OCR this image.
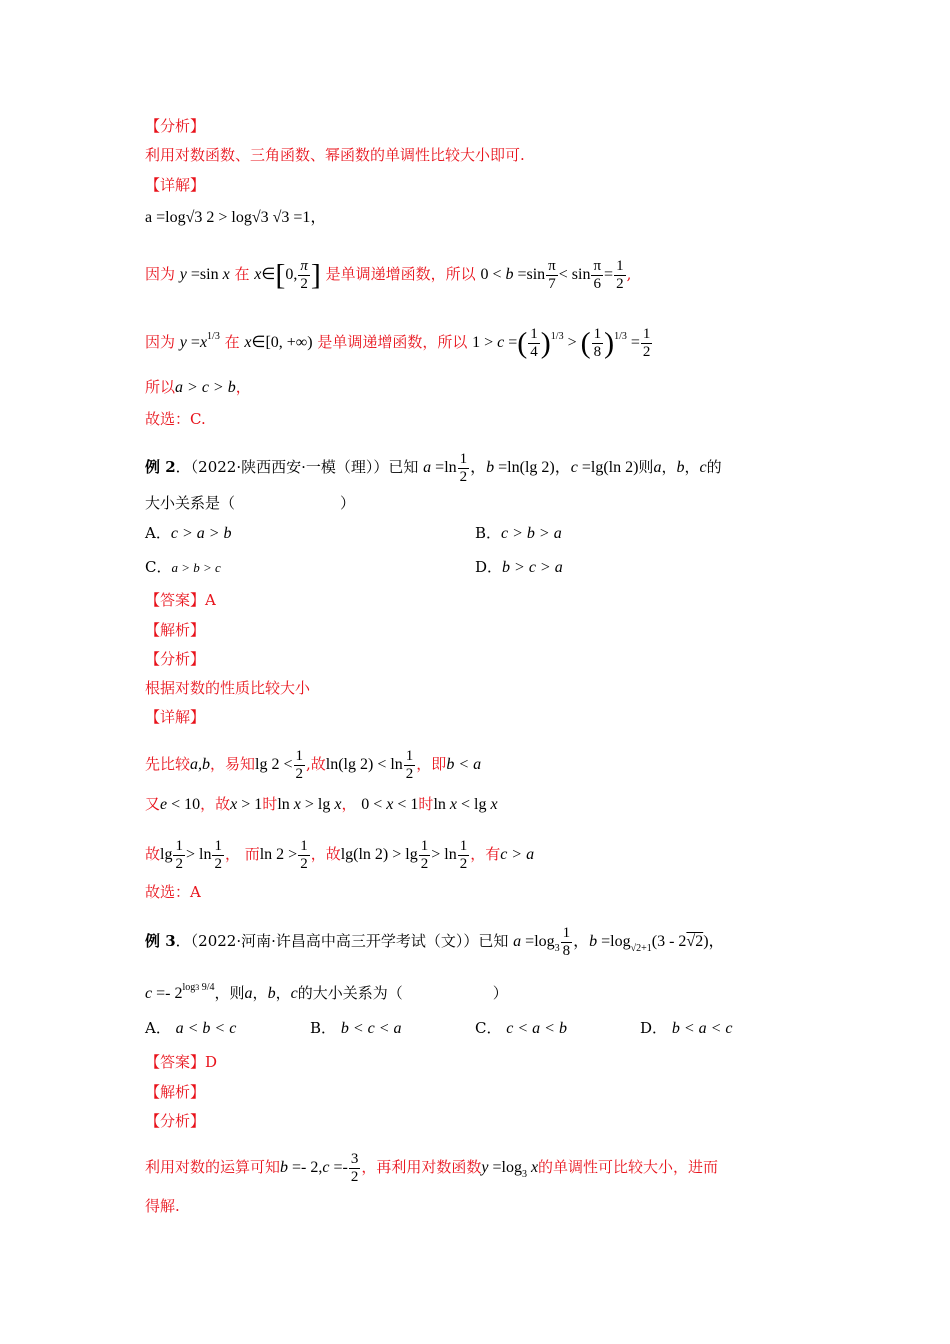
【分析】
利用对数函数、三角函数、幂函数的单调性比较大小即可.
【详解】
a =log√3 2 > log√3 √3 =1，
因为 y =sin x 在 x∈[0, $\frac{\pi}{2}$ ] 是单调递增函数，所以 $0 < b =\sin \frac{\pi}{7} < \sin \frac{\pi}{6} = \frac{1}{2}$ ,
因为 $y =x^{1/3}$ 在 x∈[0, +∞) 是单调递增函数，所以 1 > c =( $\frac{1}{4} )^{1/3}$ > ( $\frac{1}{8} )^{1/3} = \frac{1}{2}$
所以a > c > b，
故选：C.
例 2．（2022·陕西西安·一模（理））已知 $a =\ln \frac{1}{2}$ ，b =ln(lg 2)，c =lg(ln 2)则a，b，c的
大小关系是（　　　　　　　）
A．c > a > b	B．c > b > a
C．a > b > c	D．b > c > a
【答案】A
【解析】
【分析】
根据对数的性质比较大小
【详解】
先比较a,b，易知$\lg 2 < \frac{1}{2}$ ,故ln(lg $2) < \ln \frac{1}{2}$ ，即b < a
又e < 10，故x > 1时ln x > lg x， 0 < x < 1时ln x < lg x
故$\lg \frac{1}{2} > \ln \frac{1}{2}$ ， 而$\ln 2 > \frac{1}{2}$ ，故lg(ln $2) > \lg \frac{1}{2} > \ln \frac{1}{2}$ ，有c > a
故选：A
例 3．（2022·河南·许昌高中高三开学考试（文））已知 $a =\log_3 \frac{1}{8}$ ，$b =\log_{√2+1}(3 - 2√2)$，
$c =- 2^{log3 9/4}$，则a，b，c的大小关系为（　　　　　　）
A． a < b < c	B． b < c < a	C． c < a < b	D． b < a < c
【答案】D
【解析】
【分析】
利用对数的运算可知$b =- 2,c =- \frac{3}{2}$ ，再利用对数函数$y =\log_3$ x的单调性可比较大小，进而
得解.
